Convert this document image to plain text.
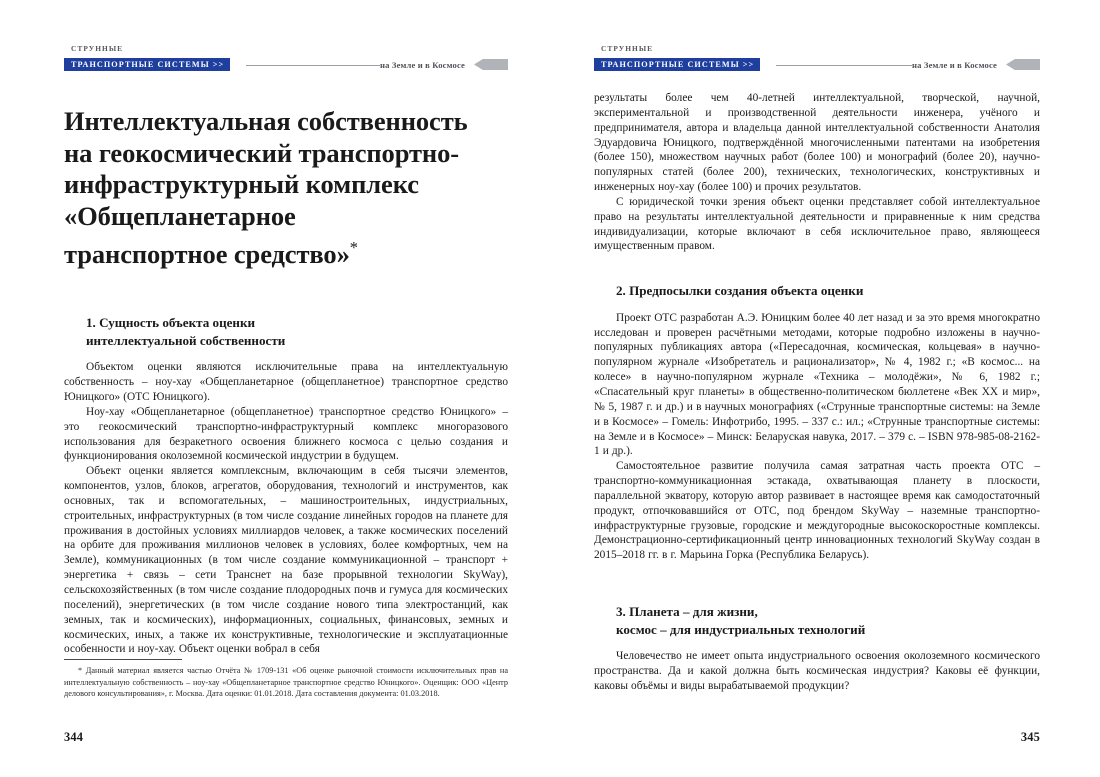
СТРУННЫЕ
ТРАНСПОРТНЫЕ СИСТЕМЫ >>	на Земле и в Космосе
Интеллектуальная собственность
на геокосмический транспортно-
инфраструктурный комплекс
«Общепланетарное
транспортное средство»*
1. Сущность объекта оценки
интеллектуальной собственности

Объектом оценки являются исключительные права на интеллектуальную собственность – ноу-хау «Общепланетарное (общепланетное) транспортное средство Юницкого» (ОТС Юницкого).

Ноу-хау «Общепланетарное (общепланетное) транспортное средство Юницкого» – это геокосмический транспортно-инфраструктурный комплекс многоразового использования для безракетного освоения ближнего космоса с целью создания и функционирования околоземной космической индустрии в будущем.

Объект оценки является комплексным, включающим в себя тысячи элементов, компонентов, узлов, блоков, агрегатов, оборудования, технологий и инструментов, как основных, так и вспомогательных, – машиностроительных, индустриальных, строительных, инфраструктурных (в том числе создание линейных городов на планете для проживания в достойных условиях миллиардов человек, а также космических поселений на орбите для проживания миллионов человек в условиях, более комфортных, чем на Земле), коммуникационных (в том числе создание коммуникационной – транспорт + энергетика + связь – сети Транснет на базе прорывной технологии SkyWay), сельскохозяйственных (в том числе создание плодородных почв и гумуса для космических поселений), энергетических (в том числе создание нового типа электростанций, как земных, так и космических), информационных, социальных, финансовых, земных и космических, иных, а также их конструктивные, технологические и эксплуатационные особенности и ноу-хау. Объект оценки вобрал в себя

* Данный материал является частью Отчёта № 1709-131 «Об оценке рыночной стоимости исключительных прав на интеллектуальную собственность – ноу-хау «Общепланетарное транспортное средство Юницкого». Оценщик: ООО «Центр делового консультирования», г. Москва. Дата оценки: 01.01.2018. Дата составления документа: 01.03.2018.

344
СТРУННЫЕ
ТРАНСПОРТНЫЕ СИСТЕМЫ >>	на Земле и в Космосе

результаты более чем 40-летней интеллектуальной, творческой, научной, экспериментальной и производственной деятельности инженера, учёного и предпринимателя, автора и владельца данной интеллектуальной собственности Анатолия Эдуардовича Юницкого, подтверждённой многочисленными патентами на изобретения (более 150), множеством научных работ (более 100) и монографий (более 20), научно-популярных статей (более 200), технических, технологических, конструктивных и инженерных ноу-хау (более 100) и прочих результатов.

С юридической точки зрения объект оценки представляет собой интеллектуальное право на результаты интеллектуальной деятельности и приравненные к ним средства индивидуализации, которые включают в себя исключительное право, являющееся имущественным правом.

2. Предпосылки создания объекта оценки

Проект ОТС разработан А.Э. Юницким более 40 лет назад и за это время многократно исследован и проверен расчётными методами, которые подробно изложены в научно-популярных публикациях автора («Пересадочная, космическая, кольцевая» в научно-популярном журнале «Изобретатель и рационализатор», № 4, 1982 г.; «В космос... на колесе» в научно-популярном журнале «Техника – молодёжи», № 6, 1982 г.; «Спасательный круг планеты» в общественно-политическом бюллетене «Век XX и мир», № 5, 1987 г. и др.) и в научных монографиях («Струнные транспортные системы: на Земле и в Космосе» – Гомель: Инфотрибо, 1995. – 337 с.: ил.; «Струнные транспортные системы: на Земле и в Космосе» – Минск: Беларуская навука, 2017. – 379 с. – ISBN 978-985-08-2162-1 и др.).

Самостоятельное развитие получила самая затратная часть проекта ОТС – транспортно-коммуникационная эстакада, охватывающая планету в плоскости, параллельной экватору, которую автор развивает в настоящее время как самодостаточный продукт, отпочковавшийся от ОТС, под брендом SkyWay – наземные транспортно-инфраструктурные грузовые, городские и междугородные высокоскоростные комплексы. Демонстрационно-сертификационный центр инновационных технологий SkyWay создан в 2015–2018 гг. в г. Марьина Горка (Республика Беларусь).

3. Планета – для жизни,
космос – для индустриальных технологий

Человечество не имеет опыта индустриального освоения околоземного космического пространства. Да и какой должна быть космическая индустрия? Каковы её функции, каковы объёмы и виды вырабатываемой продукции?

345
